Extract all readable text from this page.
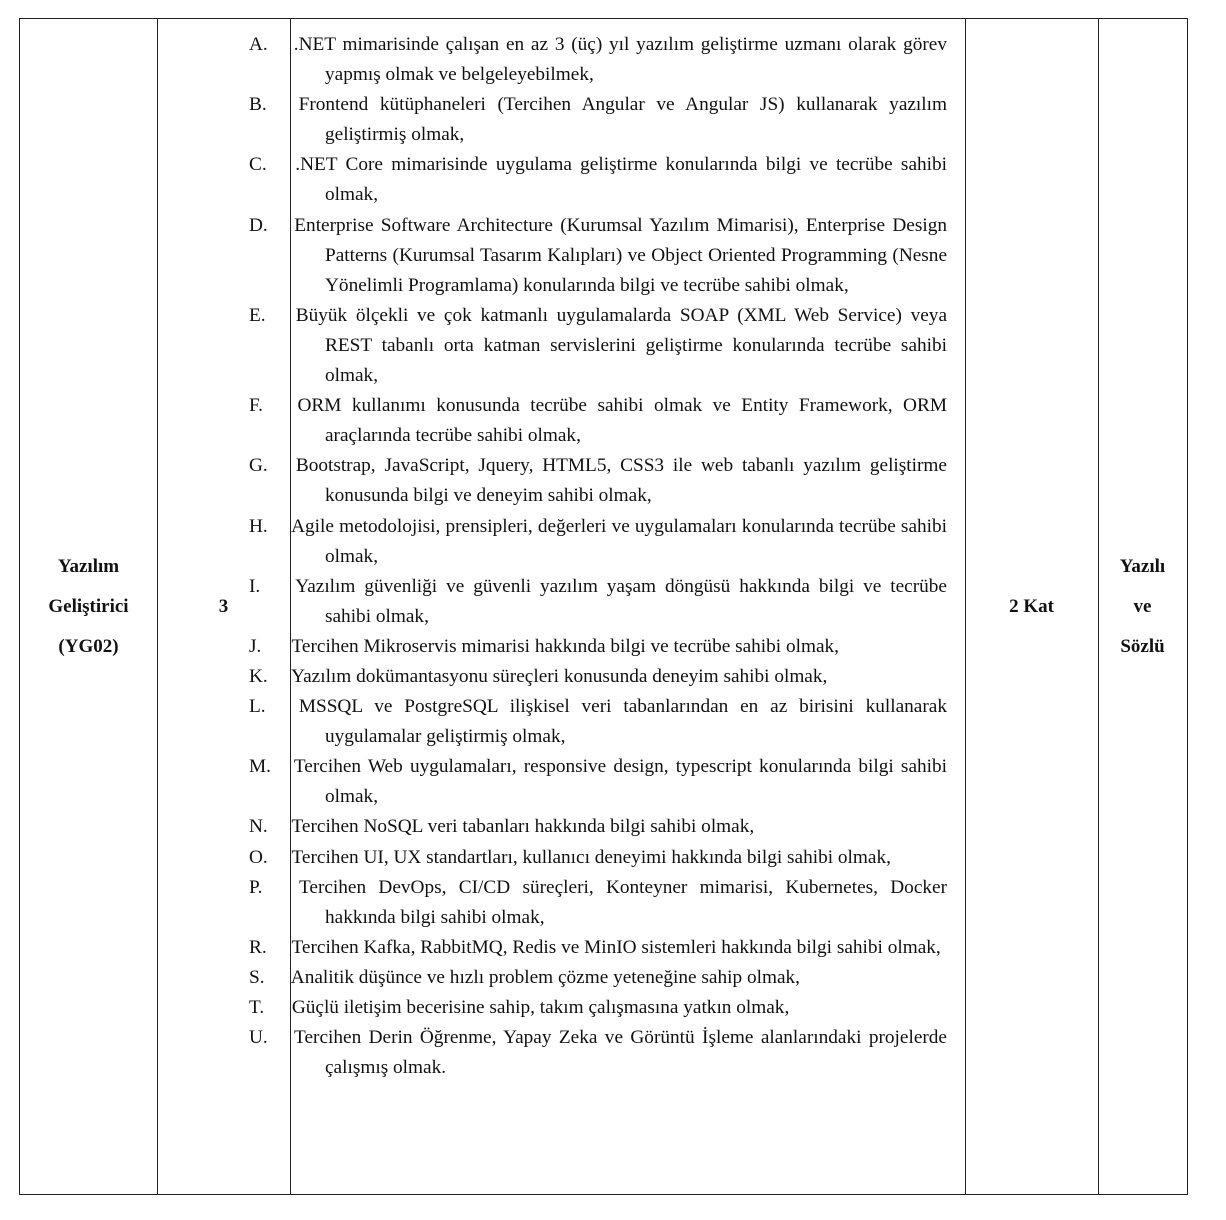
Yazılım
Geliştirici
(YG02)
3	2 Kat
Yazılı
ve
Sözlü
A. .NET mimarisinde çalışan en az 3 (üç) yıl yazılım geliştirme uzmanı olarak görev yapmış olmak ve belgeleyebilmek,
B. Frontend kütüphaneleri (Tercihen Angular ve Angular JS) kullanarak yazılım geliştirmiş olmak,
C. .NET Core mimarisinde uygulama geliştirme konularında bilgi ve tecrübe sahibi olmak,
D. Enterprise Software Architecture (Kurumsal Yazılım Mimarisi), Enterprise Design Patterns (Kurumsal Tasarım Kalıpları) ve Object Oriented Programming (Nesne Yönelimli Programlama) konularında bilgi ve tecrübe sahibi olmak,
E. Büyük ölçekli ve çok katmanlı uygulamalarda SOAP (XML Web Service) veya REST tabanlı orta katman servislerini geliştirme konularında tecrübe sahibi olmak,
F. ORM kullanımı konusunda tecrübe sahibi olmak ve Entity Framework, ORM araçlarında tecrübe sahibi olmak,
G. Bootstrap, JavaScript, Jquery, HTML5, CSS3 ile web tabanlı yazılım geliştirme konusunda bilgi ve deneyim sahibi olmak,
H. Agile metodolojisi, prensipleri, değerleri ve uygulamaları konularında tecrübe sahibi olmak,
I. Yazılım güvenliği ve güvenli yazılım yaşam döngüsü hakkında bilgi ve tecrübe sahibi olmak,
J. Tercihen Mikroservis mimarisi hakkında bilgi ve tecrübe sahibi olmak,
K. Yazılım dokümantasyonu süreçleri konusunda deneyim sahibi olmak,
L. MSSQL ve PostgreSQL ilişkisel veri tabanlarından en az birisini kullanarak uygulamalar geliştirmiş olmak,
M. Tercihen Web uygulamaları, responsive design, typescript konularında bilgi sahibi olmak,
N. Tercihen NoSQL veri tabanları hakkında bilgi sahibi olmak,
O. Tercihen UI, UX standartları, kullanıcı deneyimi hakkında bilgi sahibi olmak,
P. Tercihen DevOps, CI/CD süreçleri, Konteyner mimarisi, Kubernetes, Docker hakkında bilgi sahibi olmak,
R. Tercihen Kafka, RabbitMQ, Redis ve MinIO sistemleri hakkında bilgi sahibi olmak,
S. Analitik düşünce ve hızlı problem çözme yeteneğine sahip olmak,
T. Güçlü iletişim becerisine sahip, takım çalışmasına yatkın olmak,
U. Tercihen Derin Öğrenme, Yapay Zeka ve Görüntü İşleme alanlarındaki projelerde çalışmış olmak.
